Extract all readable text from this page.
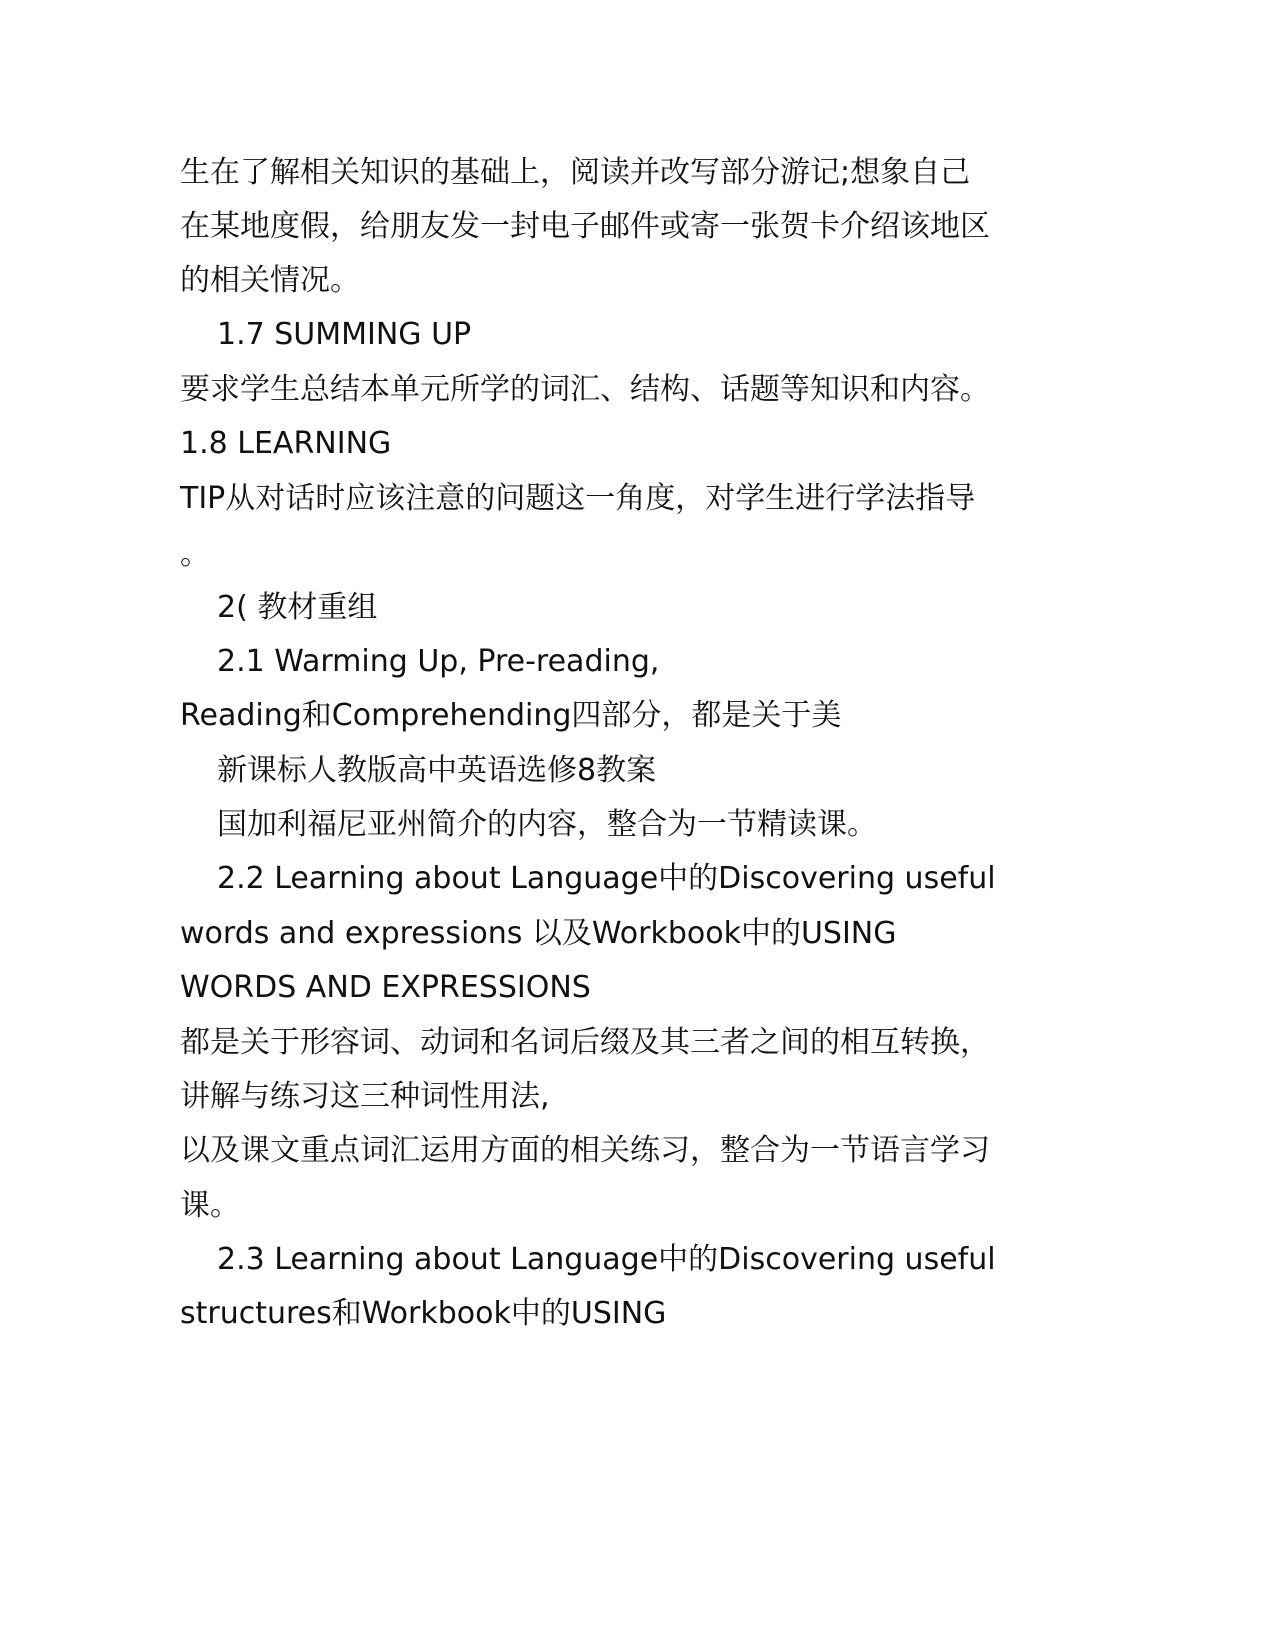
生在了解相关知识的基础上，阅读并改写部分游记;想象自己

在某地度假，给朋友发一封电子邮件或寄一张贺卡介绍该地区

的相关情况。

1.7 SUMMING UP

要求学生总结本单元所学的词汇、结构、话题等知识和内容。

1.8 LEARNING

TIP从对话时应该注意的问题这一角度，对学生进行学法指导

。

2( 教材重组

2.1 Warming Up, Pre-reading,

Reading和Comprehending四部分，都是关于美

新课标人教版高中英语选修8教案

国加利福尼亚州简介的内容，整合为一节精读课。

2.2 Learning about Language中的Discovering useful

words and expressions 以及Workbook中的USING

WORDS AND EXPRESSIONS

都是关于形容词、动词和名词后缀及其三者之间的相互转换，

讲解与练习这三种词性用法,

以及课文重点词汇运用方面的相关练习，整合为一节语言学习

课。

2.3 Learning about Language中的Discovering useful

structures和Workbook中的USING
